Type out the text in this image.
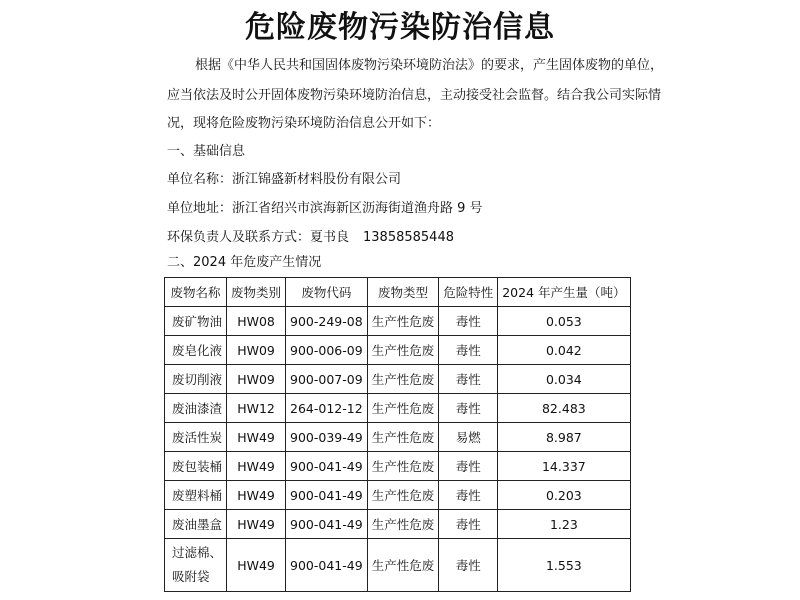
危险废物污染防治信息
根据《中华人民共和国固体废物污染环境防治法》的要求，产生固体废物的单位，
应当依法及时公开固体废物污染环境防治信息，主动接受社会监督。结合我公司实际情
况，现将危险废物污染环境防治信息公开如下：
一、基础信息
单位名称：浙江锦盛新材料股份有限公司
单位地址：浙江省绍兴市滨海新区沥海街道渔舟路 9 号
环保负责人及联系方式：夏书良 13858585448
二、2024 年危废产生情况
废物名称	废物类别	废物代码	废物类型	危险特性	2024 年产生量（吨）
废矿物油	HW08	900-249-08	生产性危废	毒性	0.053
废皂化液	HW09	900-006-09	生产性危废	毒性	0.042
废切削液	HW09	900-007-09	生产性危废	毒性	0.034
废油漆渣	HW12	264-012-12	生产性危废	毒性	82.483
废活性炭	HW49	900-039-49	生产性危废	易燃	8.987
废包装桶	HW49	900-041-49	生产性危废	毒性	14.337
废塑料桶	HW49	900-041-49	生产性危废	毒性	0.203
废油墨盒	HW49	900-041-49	生产性危废	毒性	1.23
过滤棉、吸附袋	HW49	900-041-49	生产性危废	毒性	1.553
